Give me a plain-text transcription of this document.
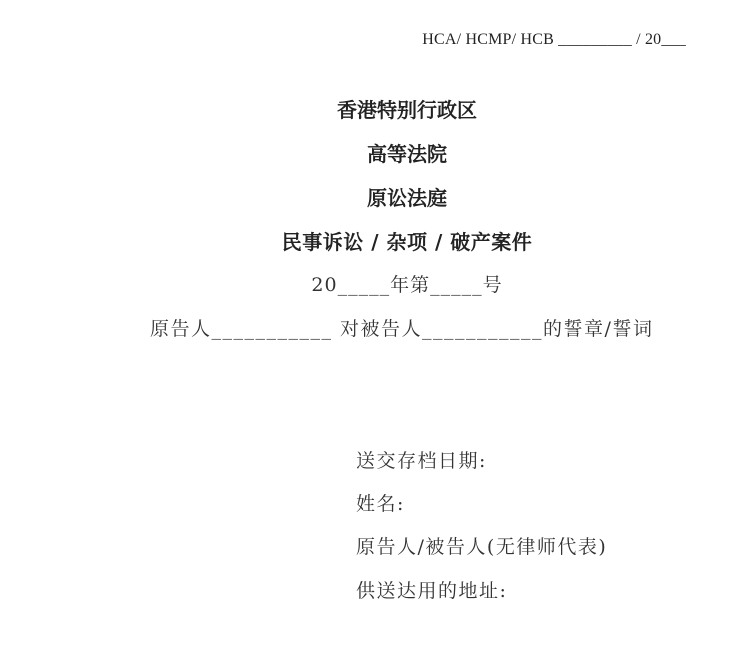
HCA/ HCMP/ HCB _________ / 20___
香港特别行政区
高等法院
原讼法庭
民事诉讼 / 杂项 / 破产案件
20_____年第_____号
原告人___________ 对被告人___________的誓章/誓词
送交存档日期:
姓名:
原告人/被告人(无律师代表)
供送达用的地址:
